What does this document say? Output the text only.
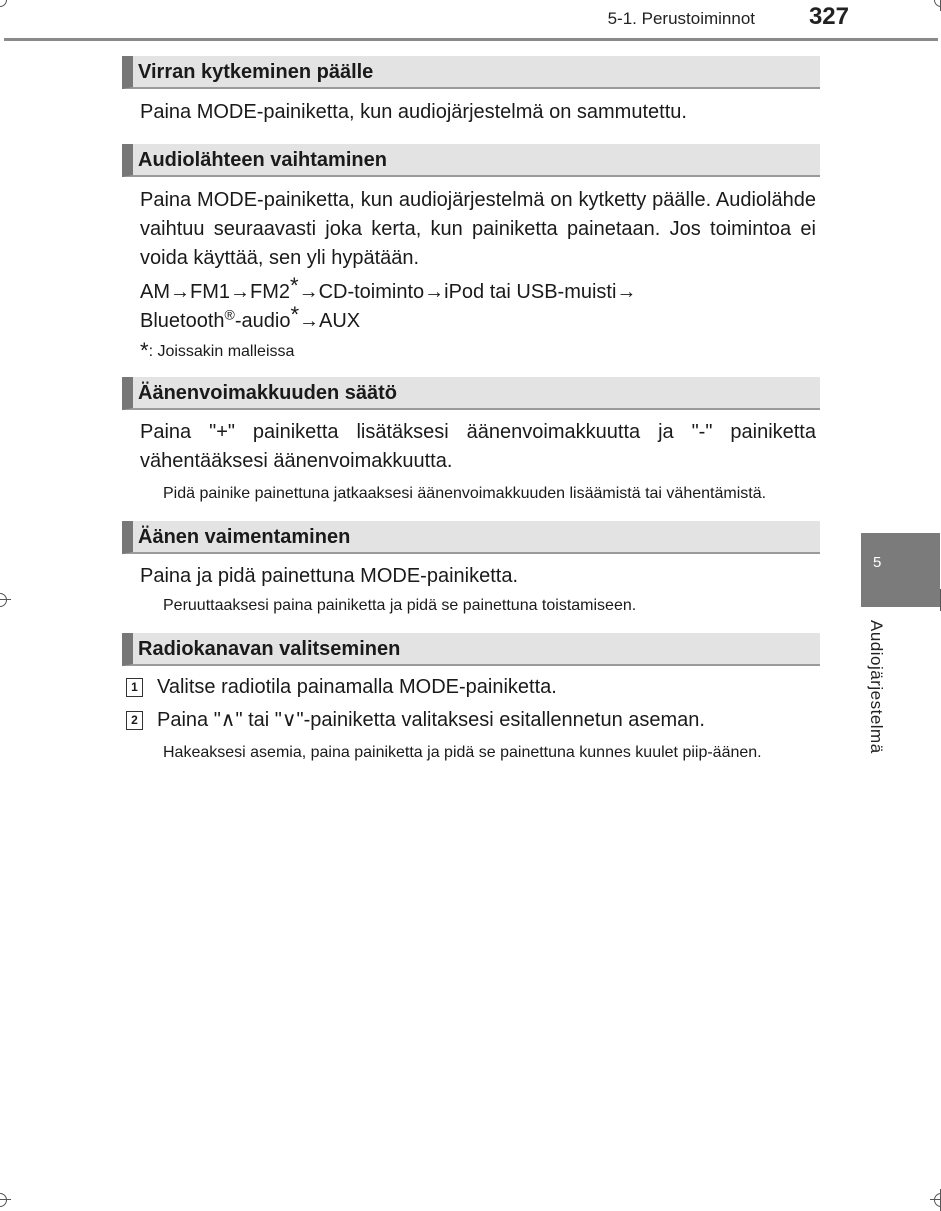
5-1. Perustoiminnot 327
Virran kytkeminen päälle

Paina MODE-painiketta, kun audiojärjestelmä on sammutettu.

Audiolähteen vaihtaminen

Paina MODE-painiketta, kun audiojärjestelmä on kytketty päälle. Audiolähde vaihtuu seuraavasti joka kerta, kun painiketta painetaan. Jos toimintoa ei voida käyttää, sen yli hypätään.

AM→FM1→FM2*→CD-toiminto→iPod tai USB-muisti→
Bluetooth®-audio*→AUX
*: Joissakin malleissa
Äänenvoimakkuuden säätö

Paina "+" painiketta lisätäksesi äänenvoimakkuutta ja "-" painiketta vähentääksesi äänenvoimakkuutta.

Pidä painike painettuna jatkaaksesi äänenvoimakkuuden lisäämistä tai vähentämistä.

Äänen vaimentaminen

Paina ja pidä painettuna MODE-painiketta.

Peruuttaaksesi paina painiketta ja pidä se painettuna toistamiseen.

Radiokanavan valitseminen
1 Valitse radiotila painamalla MODE-painiketta.
2 Paina "∧" tai "∨"-painiketta valitaksesi esitallennetun aseman.

Hakeaksesi asemia, paina painiketta ja pidä se painettuna kunnes kuulet piip-äänen.

5
Audiojärjestelmä
